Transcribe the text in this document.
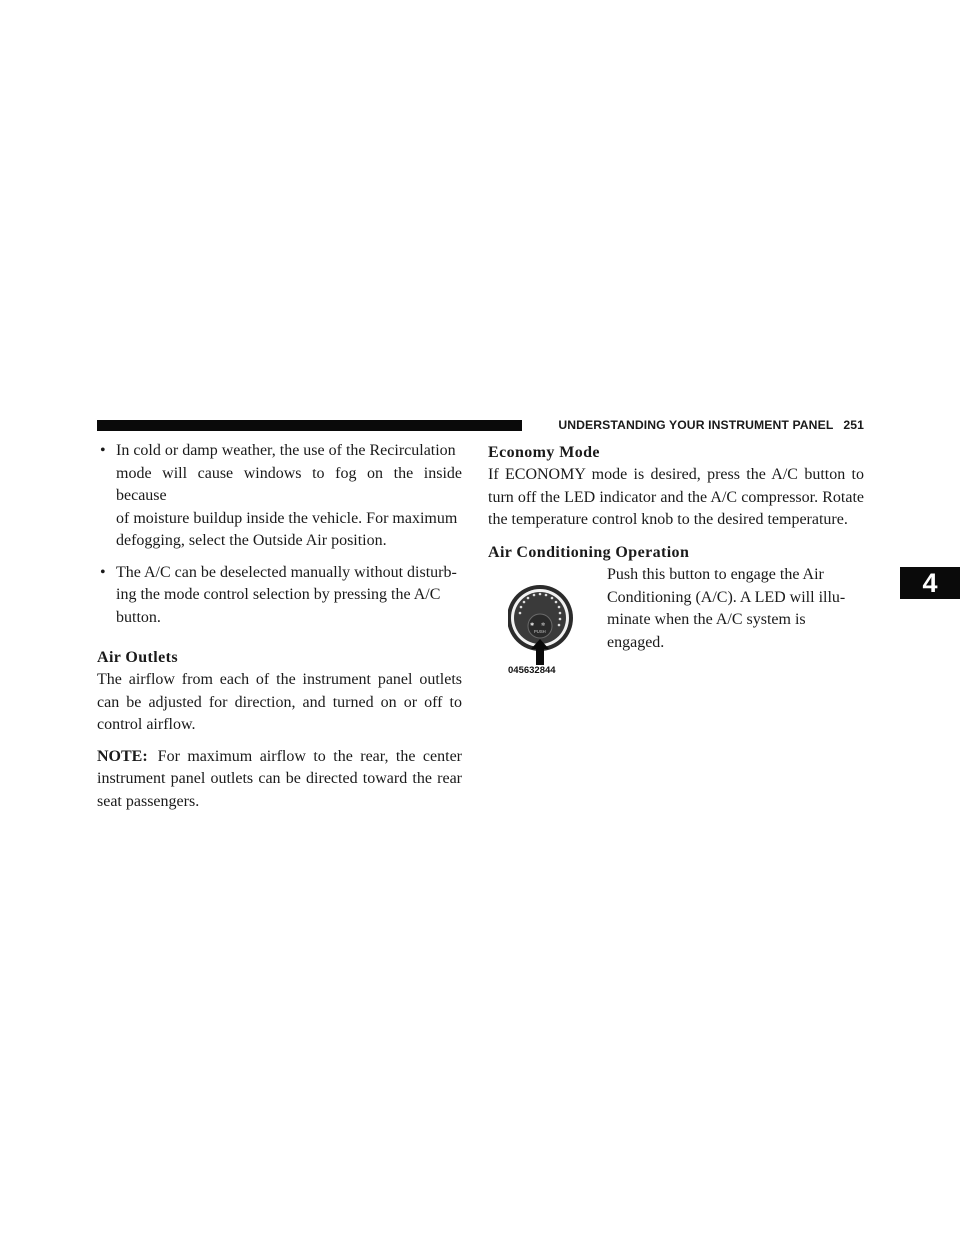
UNDERSTANDING YOUR INSTRUMENT PANEL 251
4
• In cold or damp weather, the use of the Recirculation
mode will cause windows to fog on the inside because
of moisture buildup inside the vehicle. For maximum
defogging, select the Outside Air position.
• The A/C can be deselected manually without disturb-
ing the mode control selection by pressing the A/C
button.
Air Outlets

The airflow from each of the instrument panel outlets can be adjusted for direction, and turned on or off to control airflow.

NOTE: For maximum airflow to the rear, the center instrument panel outlets can be directed toward the rear seat passengers.

Economy Mode

If ECONOMY mode is desired, press the A/C button to turn off the LED indicator and the A/C compressor. Rotate the temperature control knob to the desired temperature.

Air Conditioning Operation
✱ ✲
PUSH
045632844
Push this button to engage the Air
Conditioning (A/C). A LED will illu-
minate when the A/C system is
engaged.
